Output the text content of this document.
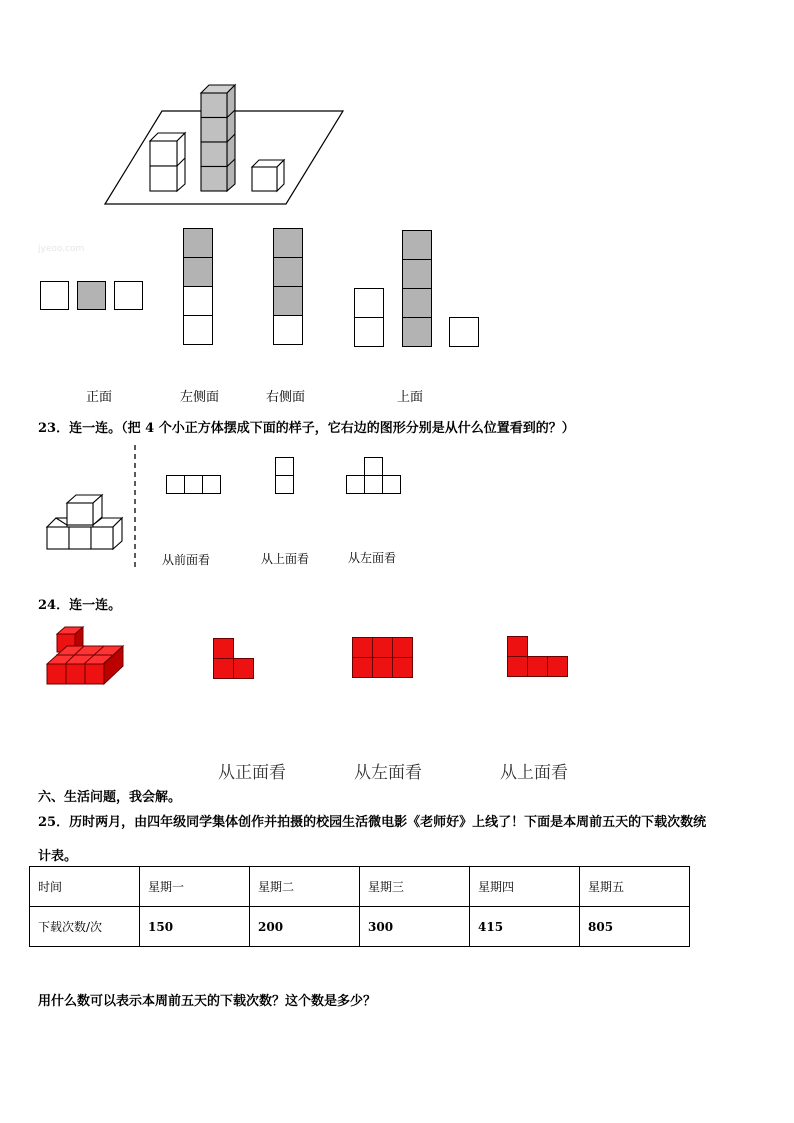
jyeoo.com
正面	左侧面	右侧面	上面
23．连一连。（把 4 个小正方体摆成下面的样子，它右边的图形分别是从什么位置看到的？）
从前面看	从上面看	从左面看
24．连一连。
从正面看	从左面看	从上面看
六、生活问题，我会解。
25．历时两月，由四年级同学集体创作并拍摄的校园生活微电影《老师好》上线了！下面是本周前五天的下载次数统
计表。
时间	星期一	星期二	星期三	星期四	星期五
下载次数/次	150	200	300	415	805
用什么数可以表示本周前五天的下载次数？这个数是多少？
